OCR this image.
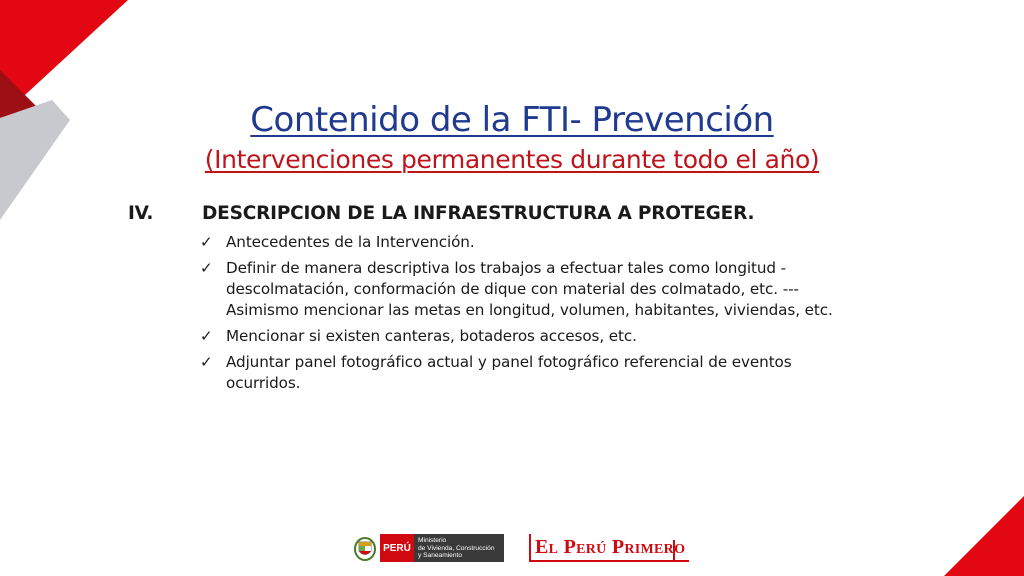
Contenido de la FTI- Prevención
(Intervenciones permanentes durante todo el año)
IV.	DESCRIPCION DE LA INFRAESTRUCTURA A PROTEGER.
✓ Antecedentes de la Intervención.
✓ Definir de manera descriptiva los trabajos a efectuar tales como longitud - descolmatación, conformación de dique con material des colmatado, etc. --- Asimismo mencionar las metas en longitud, volumen, habitantes, viviendas, etc.
✓ Mencionar si existen canteras, botaderos accesos, etc.
✓ Adjuntar panel fotográfico actual y panel fotográfico referencial de eventos ocurridos.
PERÚ
Ministerio
de Vivienda, Construcción
y Saneamiento	El Perú Primero
